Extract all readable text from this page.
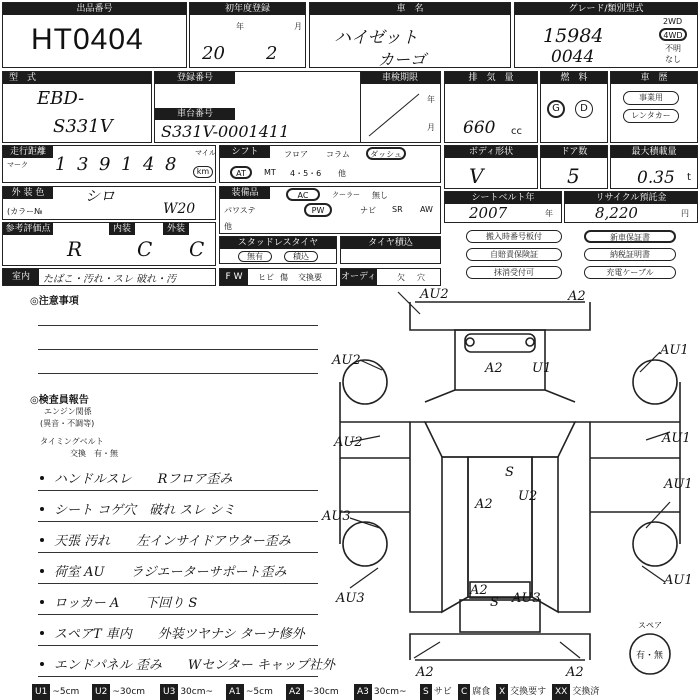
出品番号
HT0404
初年度登録
年	月
20 2
車　名
ハイゼット
カーゴ
グレード/類別型式
15984
0044
2WD
4WD
不明
なし
型　式
EBD-
S331V
登録番号	車検期限
年
月
車台番号
S331V-0001411
排　気　量
660 cc
燃　料
G	D
車　歴
事業用
レンタカー
走行距離
マーク 1 3 9 1 4 8
マイル
km
シフト	フロア コラム	ダッシュ
AT	MT 4・5・6 他
ボディ形状
V
ドア数
5
最大積載量
0.35 t
外 装 色	シロ
(カラー№	W20
装備品	AC	クーラー 無し
パワステ	PW	ナビ SR AW
他
シートベルト年
2007	年
リサイクル預託金
8,220	円
参考評価点	内装	外装
R	C C	スタッドレスタイヤ
無有	積込
タイヤ積込
搬入時番号板付	新車保証書
自賠責保険証	納税証明書
抹消受付可	充電ケーブル
室内	たばこ・汚れ・スレ 破れ・汚	F W	ヒビ 傷 交換要 オーディオ 欠 穴
◎注意事項
◎検査員報告
エンジン関係
(異音・不調等)
タイミングベルト
交換　有・無
ハンドルスレ　　Rフロア歪み
シート コゲ穴　破れ スレ シミ
天張 汚れ　　左インサイドアウター歪み
荷室 AU　　ラジエーターサポート歪み
ロッカー A　　下回り S
スペアT 車内　　外装ツヤナシ ターナ修外
エンドパネル 歪み　　Wセンター キャップ社外
AU2	A2
AU2
AU1
A2 U1
AU2	AU1
S
U2
A2
AU3
AU1
AU3
AU1
AU3
A2
S
A2	A2
スペア
有・無
U1 ~5cm	U2 ~30cm	U3 30cm~	A1 ~5cm	A2 ~30cm	A3 30cm~	S サビ	C 腐食 X 交換要す XX 交換済
